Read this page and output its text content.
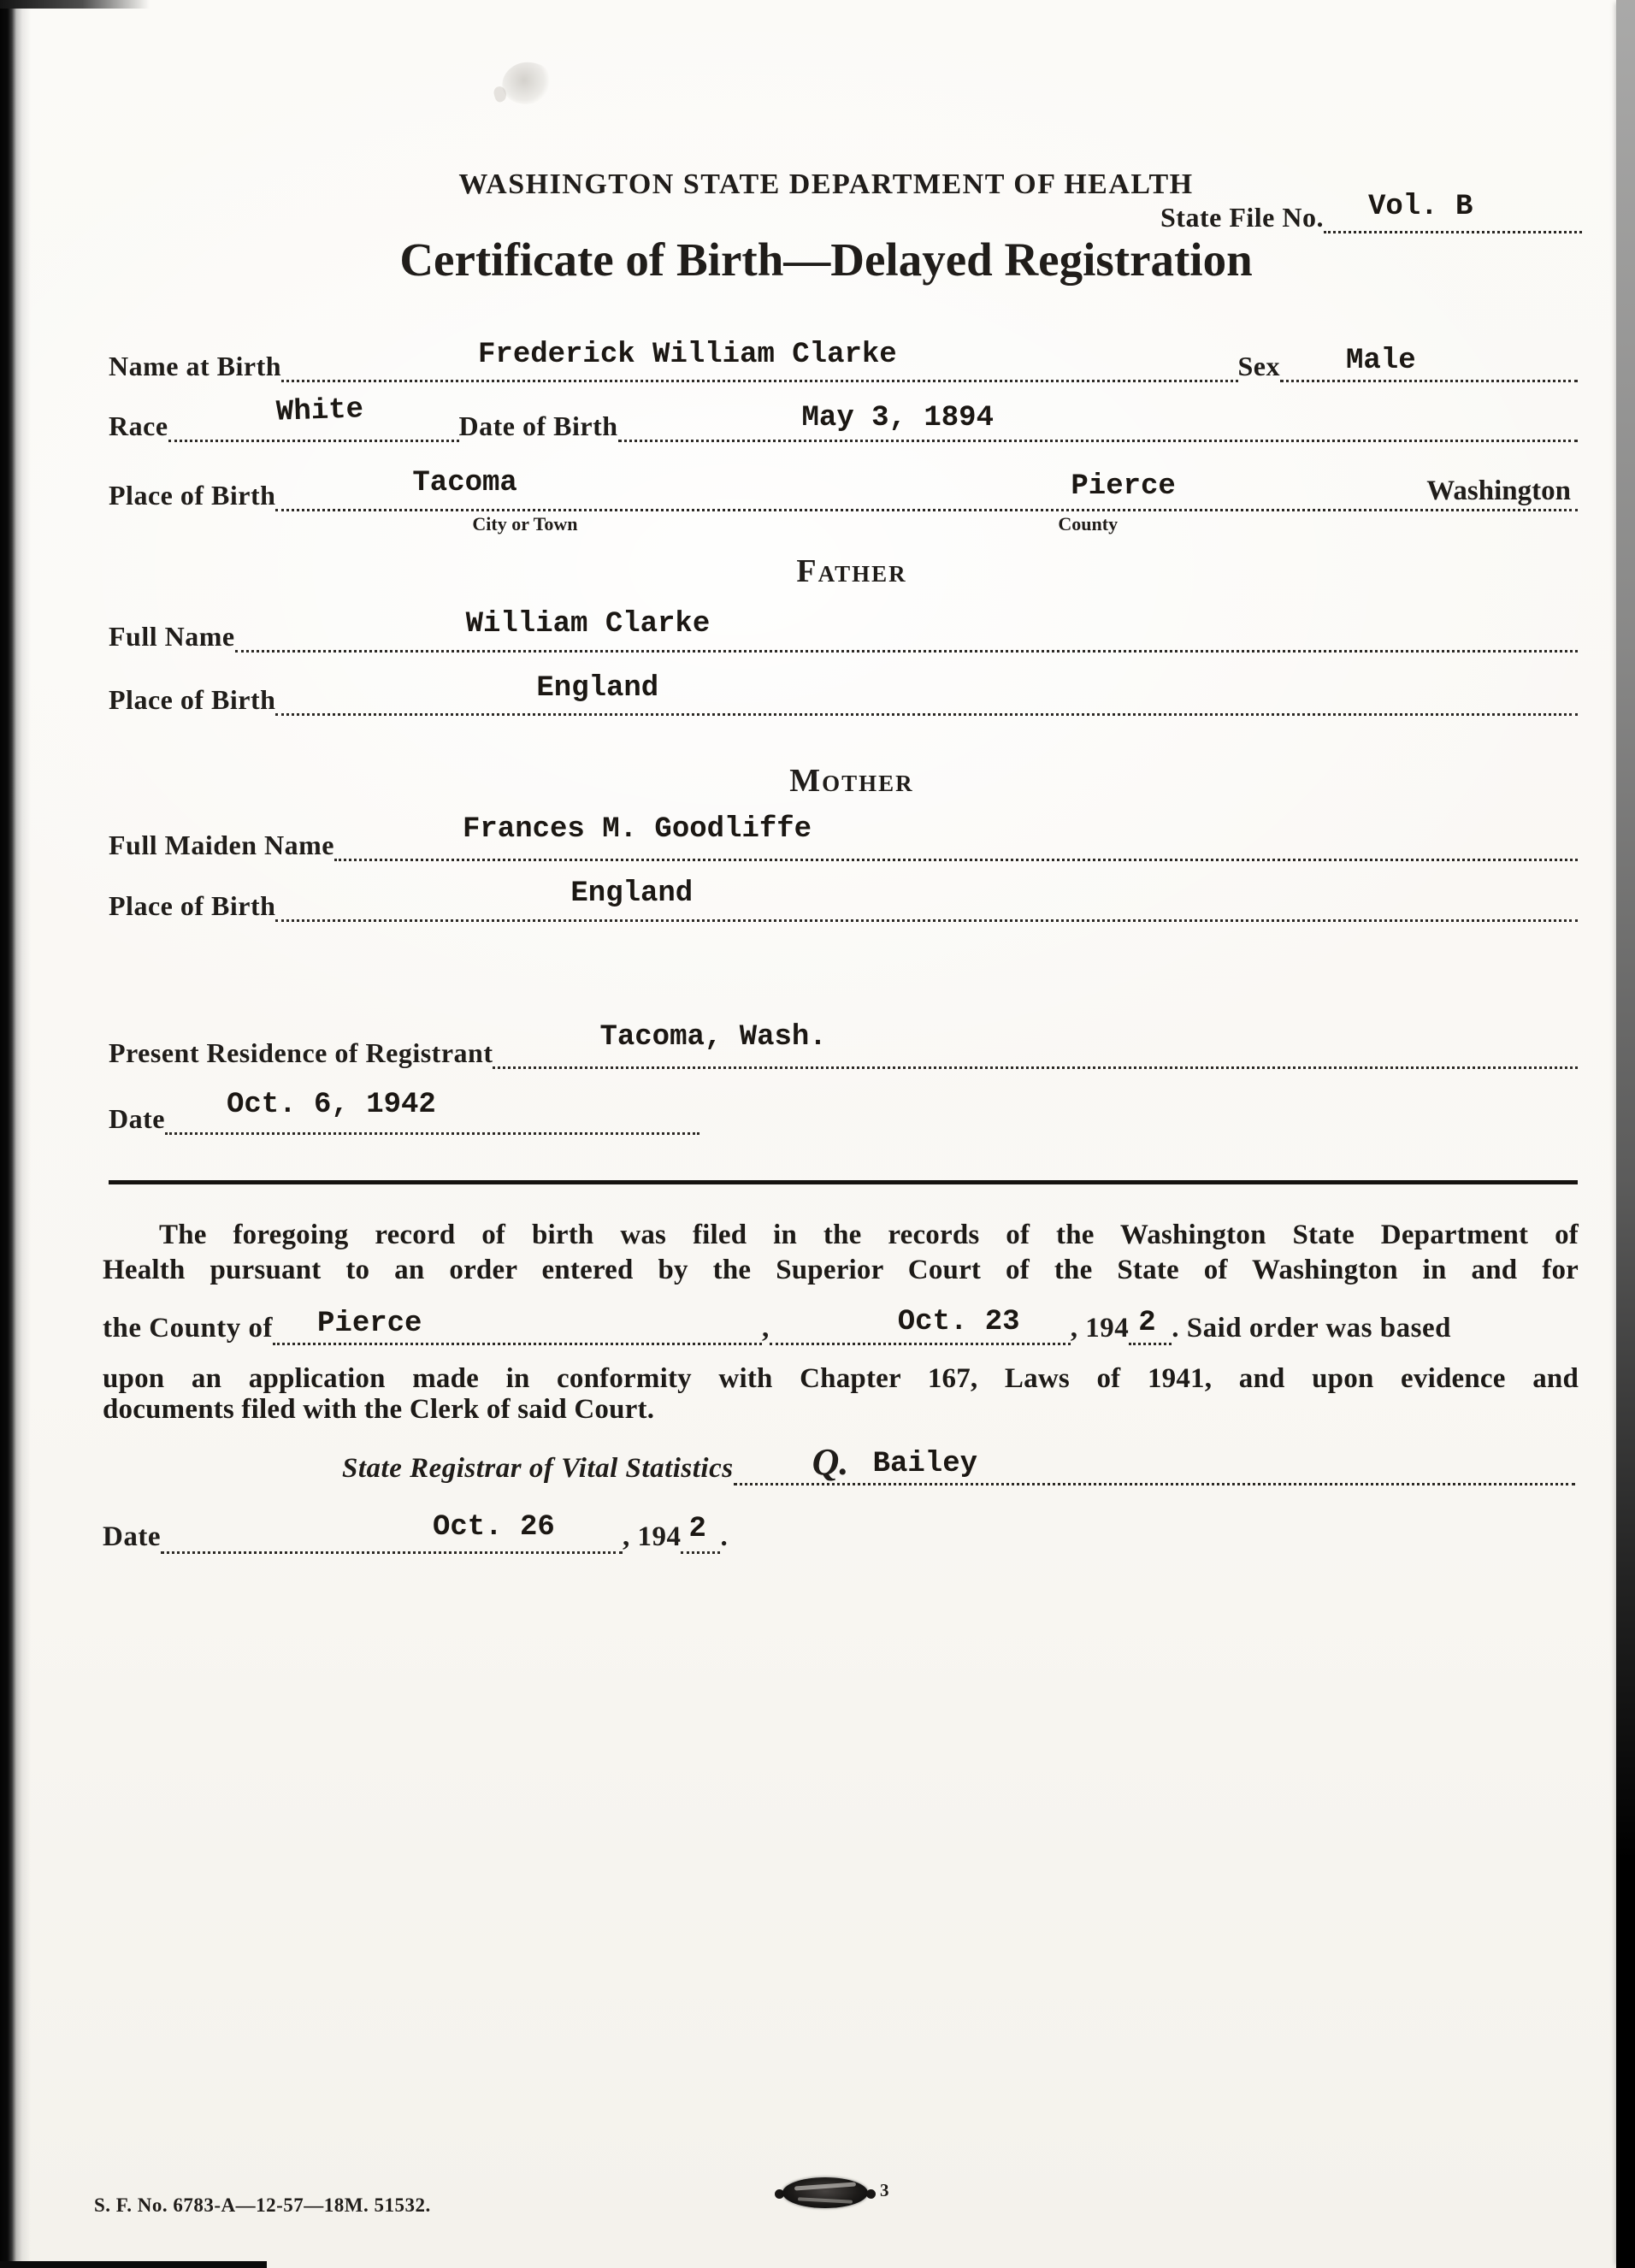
WASHINGTON STATE DEPARTMENT OF HEALTH
State File No. Vol. B
Certificate of Birth—Delayed Registration
Name at Birth	Frederick William Clarke	Sex Male
Race	White	Date of Birth	May 3, 1894
Place of Birth	Tacoma	Pierce	Washington
City or Town	County
Father
Full Name	William Clarke
Place of Birth	England
Mother
Full Maiden Name	Frances M. Goodliffe
Place of Birth	England
Present Residence of Registrant	Tacoma, Wash.
Date Oct. 6, 1942
The foregoing record of birth was filed in the records of the Washington State Department of
Health pursuant to an order entered by the Superior Court of the State of Washington in and for
the County of Pierce	,	Oct. 23 , 194 2 . Said order was based
upon an application made in conformity with Chapter 167, Laws of 1941, and upon evidence and
documents filed with the Clerk of said Court.
State Registrar of Vital Statistics Q. Bailey
Date	Oct. 26 , 194 2 .
S. F. No. 6783-A—12-57—18M. 51532.
3
